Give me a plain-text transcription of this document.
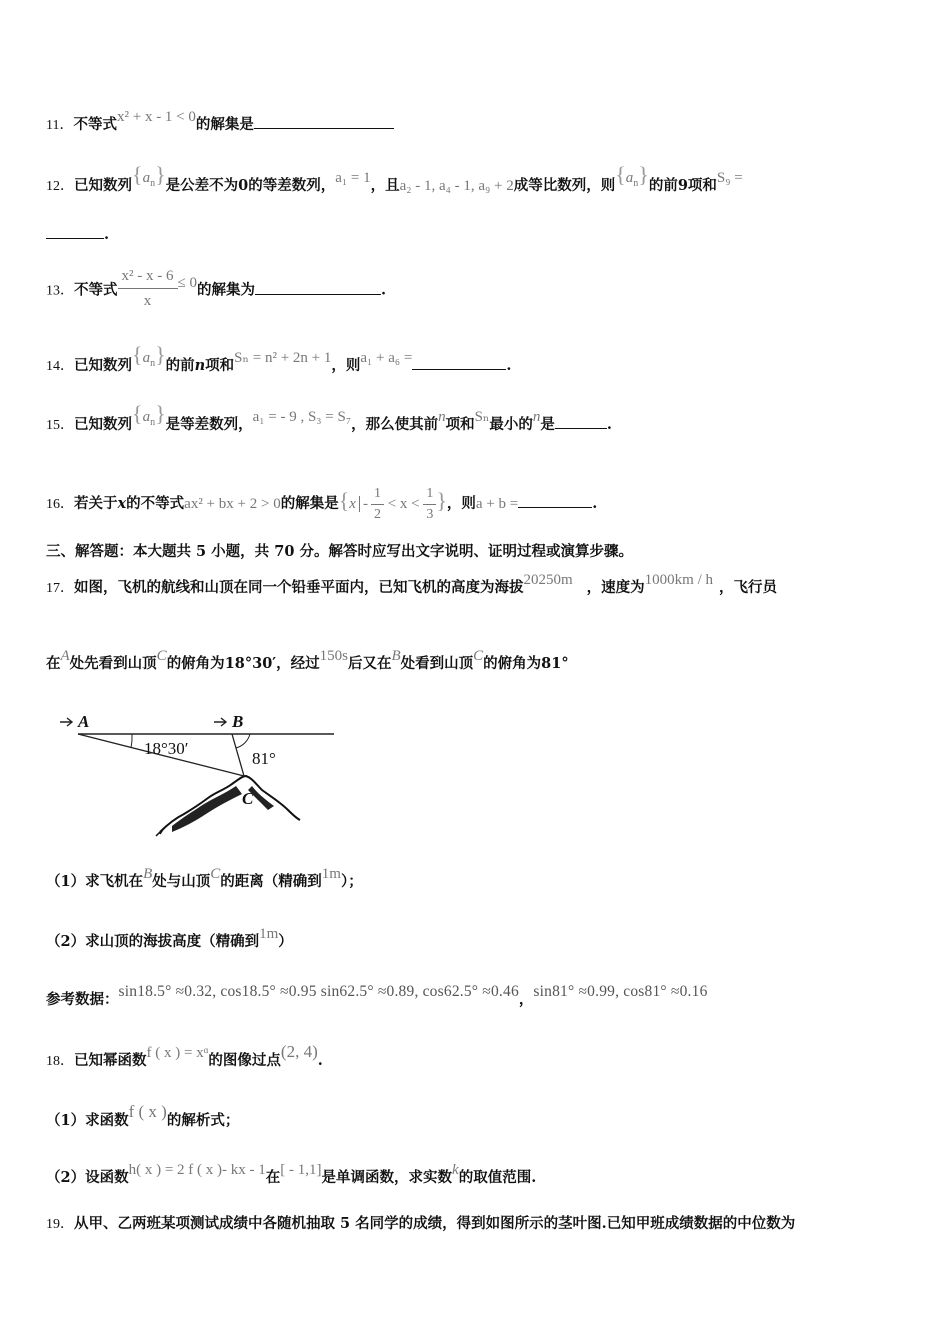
11．不等式x² + x - 1 < 0的解集是
12．已知数列$\{a_n\}$是公差不为0的等差数列，a₁ = 1，且a₂ - 1, a₄ - 1, a₉ + 2成等比数列，则$\{a_n\}$的前9项和S₉ =
.
13．不等式 $\frac{\text{x² - x - 6}}{x} \le 0$的解集为	.
14．已知数列$\{a_n\}$的前n项和Sₙ = n² + 2n + 1，则a₁ + a₆ =	.
15．已知数列$\{a_n\}$是等差数列，a₁ = - 9 , S₃ = S₇，那么使其前n项和Sₙ最小的n是	.
16．若关于x的不等式ax² + bx + 2 > 0的解集是{$x - \frac{1}{2} < x < \frac{1}{3}$ }，则a + b =	.
三、解答题：本大题共 5 小题，共 70 分。解答时应写出文字说明、证明过程或演算步骤。
17．如图，飞机的航线和山顶在同一个铅垂平面内，已知飞机的高度为海拔20250m ，速度为1000km / h ，飞行员
在A处先看到山顶C的俯角为18°30′，经过150s后又在B处看到山顶C的俯角为81°
A	B
18°30′
81°
C
（1）求飞机在B处与山顶C的距离（精确到1m）；
（2）求山顶的海拔高度（精确到1m）
参考数据：sin18.5° ≈0.32, cos18.5° ≈0.95 sin62.5° ≈0.89, cos62.5° ≈0.46，sin81° ≈0.99, cos81° ≈0.16
18．已知幂函数f ( x ) = xᵅ的图像过点(2, 4).
（1）求函数f ( x )的解析式；
（2）设函数h( x ) = 2 f ( x )- kx - 1在[ - 1,1]是单调函数，求实数k的取值范围.
19．从甲、乙两班某项测试成绩中各随机抽取 5 名同学的成绩，得到如图所示的茎叶图.已知甲班成绩数据的中位数为
